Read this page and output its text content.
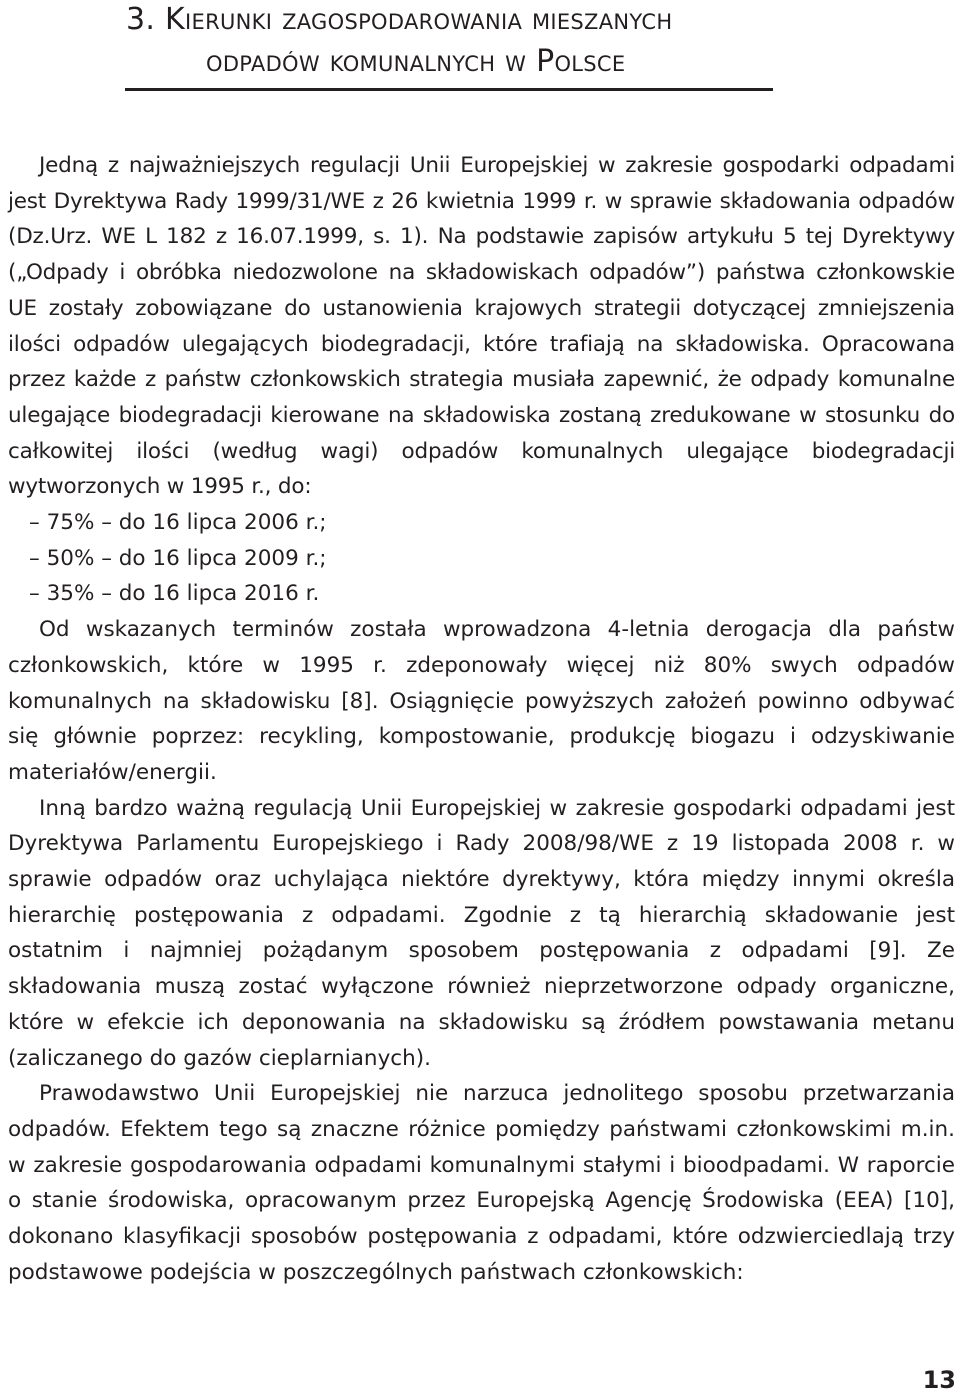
3. Kierunki zagospodarowania mieszanych
odpadów komunalnych w Polsce

Jedną z najważniejszych regulacji Unii Europejskiej w zakresie gospodarki odpadami jest Dyrektywa Rady 1999/31/WE z 26 kwietnia 1999 r. w sprawie składowania odpadów (Dz.Urz. WE L 182 z 16.07.1999, s. 1). Na podstawie zapisów artykułu 5 tej Dyrektywy („Odpady i obróbka niedozwolone na składowiskach odpadów”) państwa członkowskie UE zostały zobowiązane do ustanowienia krajowych strategii dotyczącej zmniejszenia ilości odpadów ulegających biodegradacji, które trafiają na składowiska. Opracowana przez każde z państw członkowskich strategia musiała zapewnić, że odpady komunalne ulegające biodegradacji kierowane na składowiska zostaną zredukowane w stosunku do całkowitej ilości (według wagi) odpadów komunalnych ulegające biodegradacji wytworzonych w 1995 r., do:

– 75% – do 16 lipca 2006 r.;
– 50% – do 16 lipca 2009 r.;
– 35% – do 16 lipca 2016 r.

Od wskazanych terminów została wprowadzona 4-letnia derogacja dla państw członkowskich, które w 1995 r. zdeponowały więcej niż 80% swych odpadów komunalnych na składowisku [8]. Osiągnięcie powyższych założeń powinno odbywać się głównie poprzez: recykling, kompostowanie, produkcję biogazu i odzyskiwanie materiałów/energii.

Inną bardzo ważną regulacją Unii Europejskiej w zakresie gospodarki odpadami jest Dyrektywa Parlamentu Europejskiego i Rady 2008/98/WE z 19 listopada 2008 r. w sprawie odpadów oraz uchylająca niektóre dyrektywy, która między innymi określa hierarchię postępowania z odpadami. Zgodnie z tą hierarchią składowanie jest ostatnim i najmniej pożądanym sposobem postępowania z odpadami [9]. Ze składowania muszą zostać wyłączone również nieprzetworzone odpady organiczne, które w efekcie ich deponowania na składowisku są źródłem powstawania metanu (zaliczanego do gazów cieplarnianych).

Prawodawstwo Unii Europejskiej nie narzuca jednolitego sposobu przetwarzania odpadów. Efektem tego są znaczne różnice pomiędzy państwami członkowskimi m.in. w zakresie gospodarowania odpadami komunalnymi stałymi i bioodpadami. W raporcie o stanie środowiska, opracowanym przez Europejską Agencję Środowiska (EEA) [10], dokonano klasyfikacji sposobów postępowania z odpadami, które odzwierciedlają trzy podstawowe podejścia w poszczególnych państwach członkowskich:

13
